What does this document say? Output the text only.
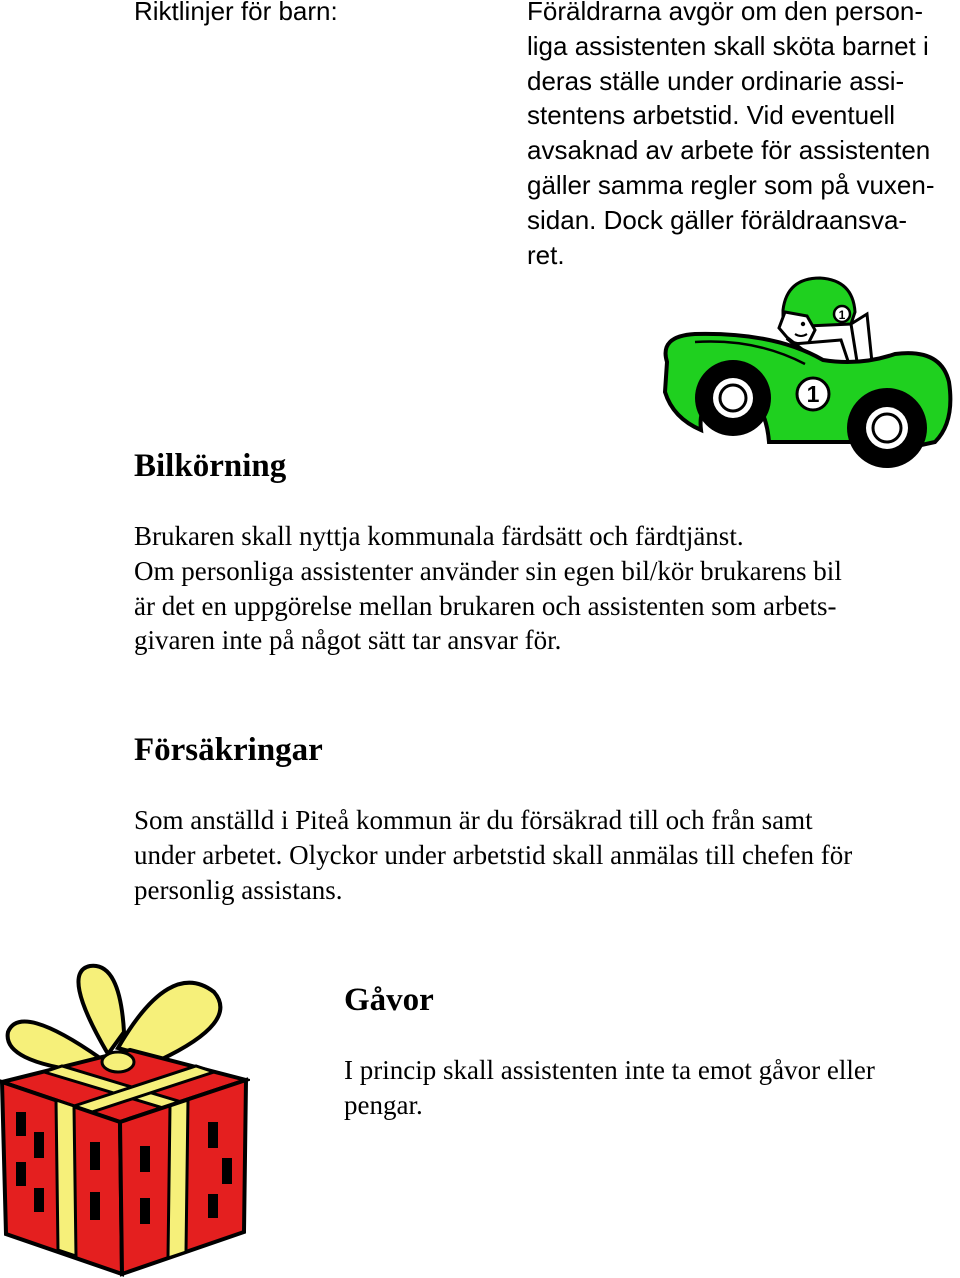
Riktlinjer för barn:	Föräldrarna avgör om den person-
liga assistenten skall sköta barnet i
deras ställe under ordinarie assi-
stentens arbetstid. Vid eventuell
avsaknad av arbete för assistenten
gäller samma regler som på vuxen-
sidan. Dock gäller föräldraansva-
ret.
1
1
Bilkörning
Brukaren skall nyttja kommunala färdsätt och färdtjänst.
Om personliga assistenter använder sin egen bil/kör brukarens bil
är det en uppgörelse mellan brukaren och assistenten som arbets-
givaren inte på något sätt tar ansvar för.
Försäkringar
Som anställd i Piteå kommun är du försäkrad till och från samt
under arbetet. Olyckor under arbetstid skall anmälas till chefen för
personlig assistans.
Gåvor
I princip skall assistenten inte ta emot gåvor eller
pengar.
